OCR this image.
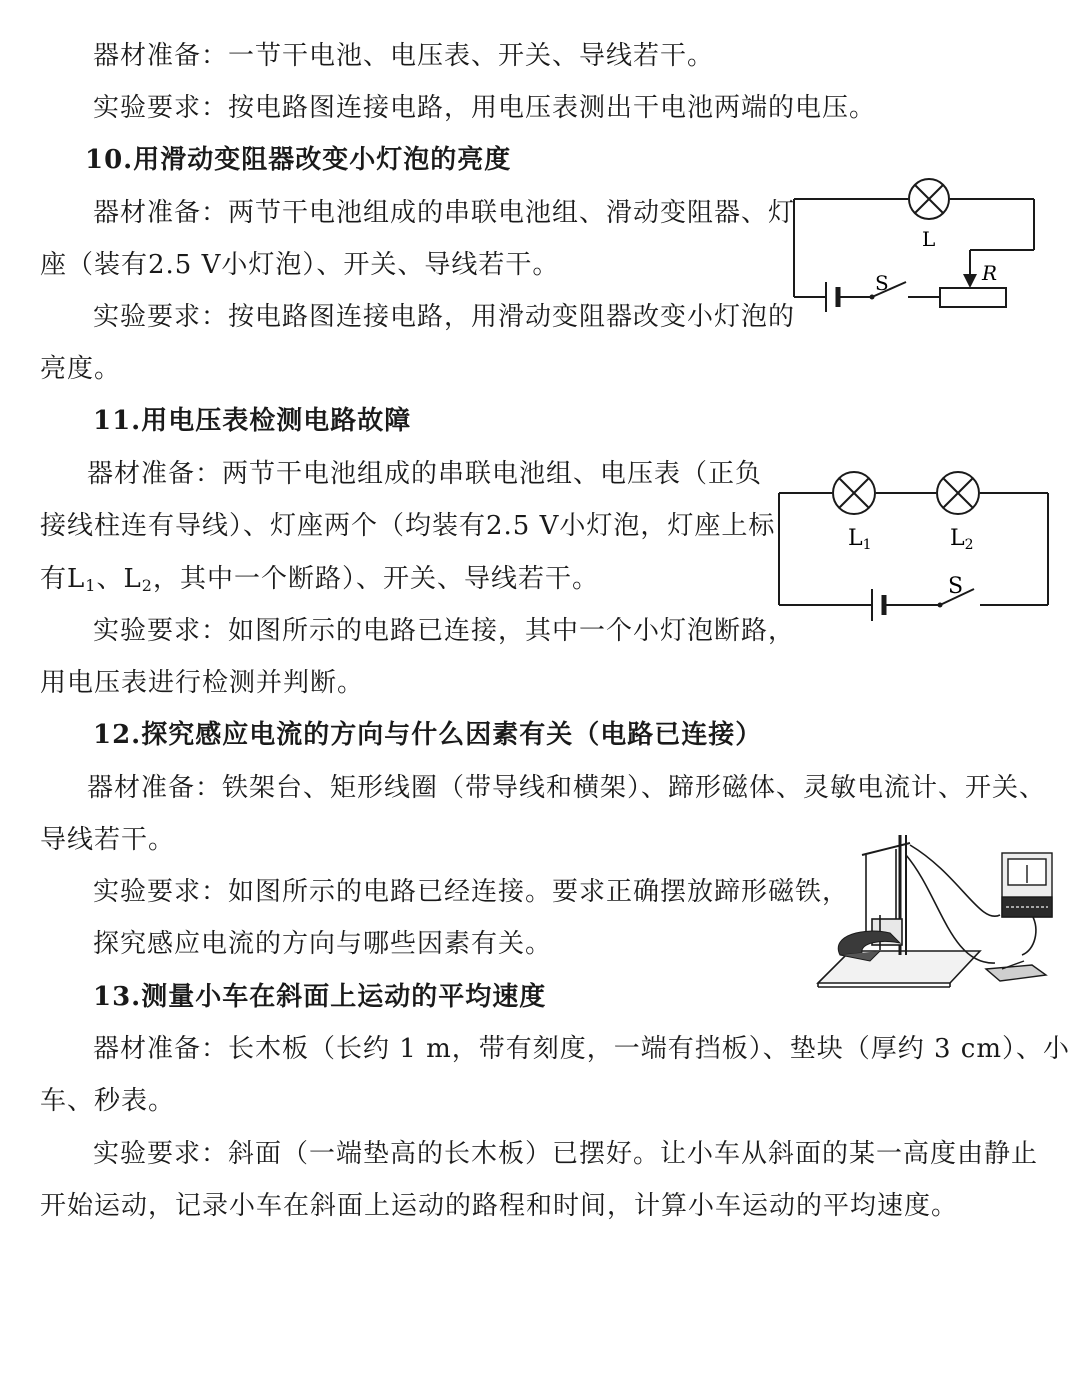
器材准备：一节干电池、电压表、开关、导线若干。
实验要求：按电路图连接电路，用电压表测出干电池两端的电压。
10.用滑动变阻器改变小灯泡的亮度
器材准备：两节干电池组成的串联电池组、滑动变阻器、灯
座（装有2.5 V小灯泡）、开关、导线若干。
实验要求：按电路图连接电路，用滑动变阻器改变小灯泡的
亮度。
L
S	R
11.用电压表检测电路故障
器材准备：两节干电池组成的串联电池组、电压表（正负
接线柱连有导线）、灯座两个（均装有2.5 V小灯泡，灯座上标
有$L_1$、$L_2$，其中一个断路）、开关、导线若干。
实验要求：如图所示的电路已连接，其中一个小灯泡断路，
用电压表进行检测并判断。
L1	L2
S
12.探究感应电流的方向与什么因素有关（电路已连接）
器材准备：铁架台、矩形线圈（带导线和横架）、蹄形磁体、灵敏电流计、开关、
导线若干。
实验要求：如图所示的电路已经连接。要求正确摆放蹄形磁铁，
探究感应电流的方向与哪些因素有关。
13.测量小车在斜面上运动的平均速度
器材准备：长木板（长约 1 m，带有刻度，一端有挡板）、垫块（厚约 3 cm）、小
车、秒表。
实验要求：斜面（一端垫高的长木板）已摆好。让小车从斜面的某一高度由静止
开始运动，记录小车在斜面上运动的路程和时间，计算小车运动的平均速度。
